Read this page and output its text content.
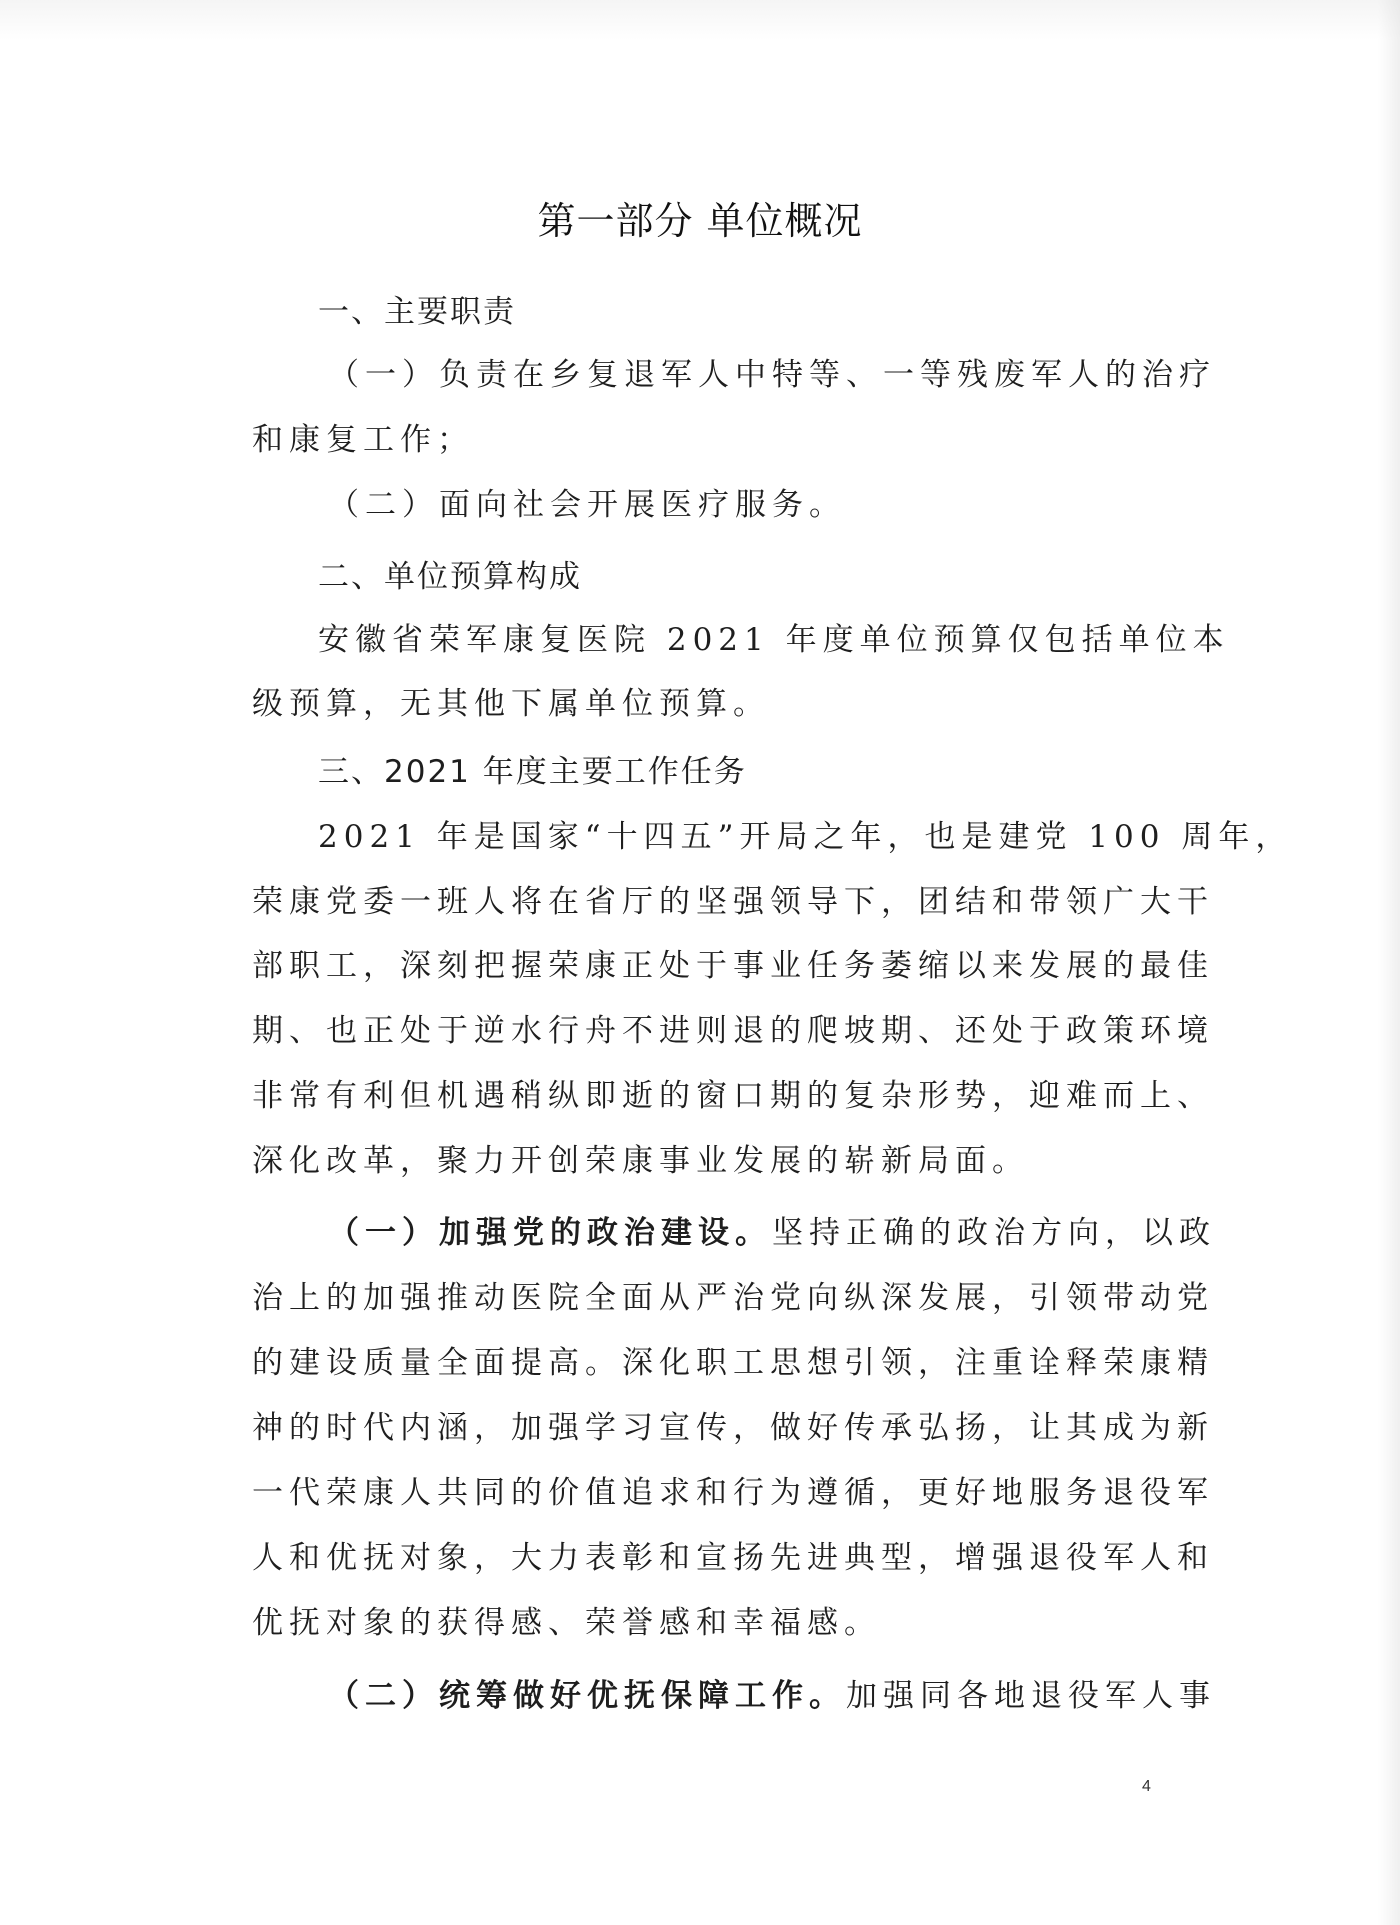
第一部分 单位概况
一、主要职责
（一）负责在乡复退军人中特等、一等残废军人的治疗
和康复工作；
（二）面向社会开展医疗服务。
二、单位预算构成
安徽省荣军康复医院 2021 年度单位预算仅包括单位本
级预算，无其他下属单位预算。
三、2021 年度主要工作任务
2021 年是国家“十四五”开局之年，也是建党 100 周年，
荣康党委一班人将在省厅的坚强领导下，团结和带领广大干
部职工，深刻把握荣康正处于事业任务萎缩以来发展的最佳
期、也正处于逆水行舟不进则退的爬坡期、还处于政策环境
非常有利但机遇稍纵即逝的窗口期的复杂形势，迎难而上、
深化改革，聚力开创荣康事业发展的崭新局面。
（一）加强党的政治建设。坚持正确的政治方向，以政
治上的加强推动医院全面从严治党向纵深发展，引领带动党
的建设质量全面提高。深化职工思想引领，注重诠释荣康精
神的时代内涵，加强学习宣传，做好传承弘扬，让其成为新
一代荣康人共同的价值追求和行为遵循，更好地服务退役军
人和优抚对象，大力表彰和宣扬先进典型，增强退役军人和
优抚对象的获得感、荣誉感和幸福感。
（二）统筹做好优抚保障工作。加强同各地退役军人事
4
